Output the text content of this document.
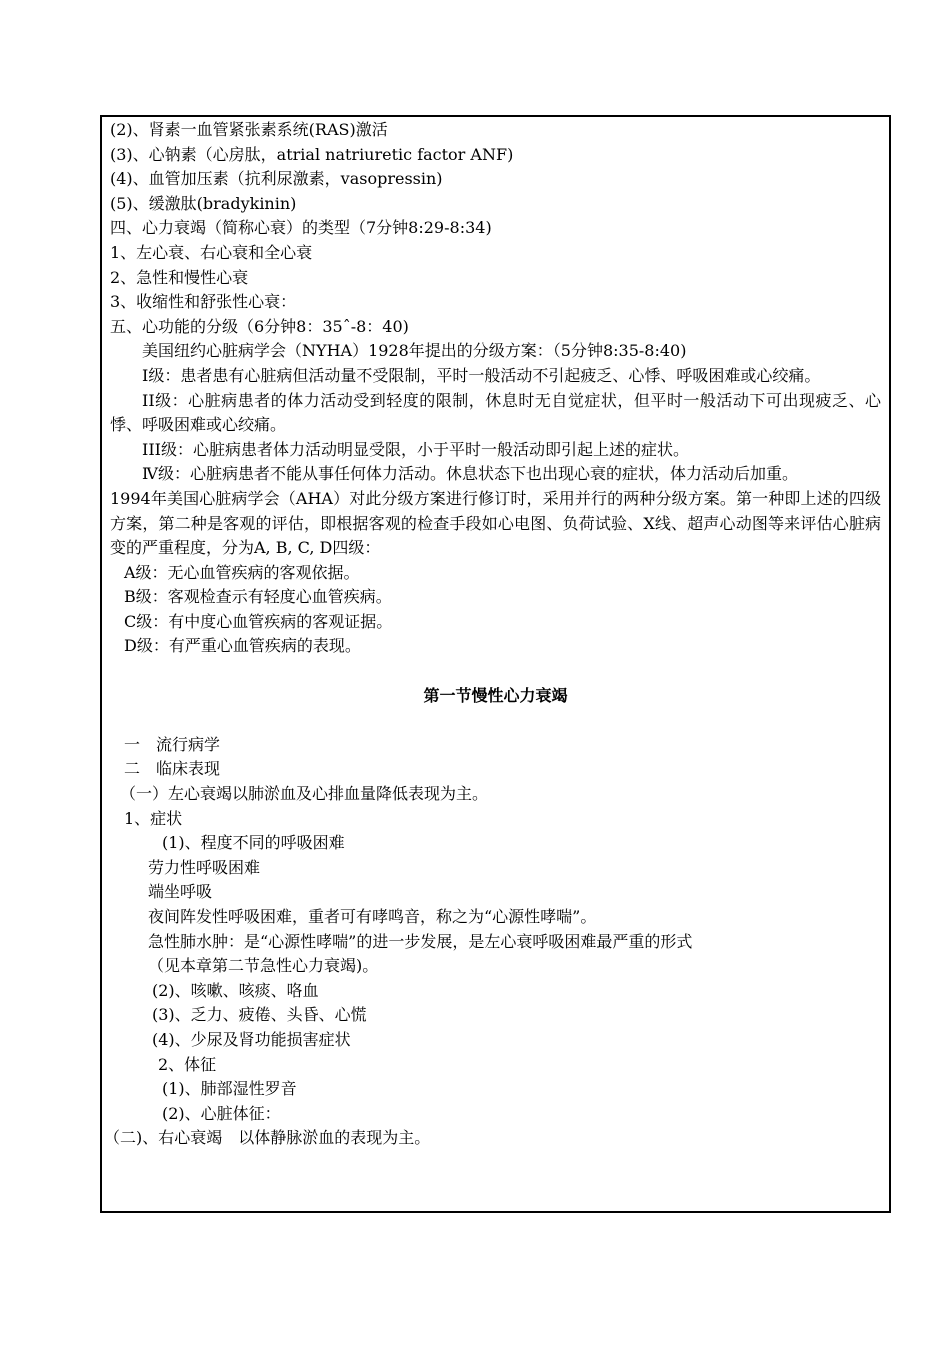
(2)、肾素一血管紧张素系统(RAS)激活
(3)、心钠素（心房肽，atrial natriuretic factor ANF)
(4)、血管加压素（抗利尿激素，vasopressin)
(5)、缓激肽(bradykinin)
四、心力衰竭（简称心衰）的类型（7分钟8:29-8:34)
1、左心衰、右心衰和全心衰
2、急性和慢性心衰
3、收缩性和舒张性心衰：
五、心功能的分级（6分钟8：35ˆ-8：40)
美国纽约心脏病学会（NYHA）1928年提出的分级方案：（5分钟8:35-8:40)
Ⅰ级：患者患有心脏病但活动量不受限制，平时一般活动不引起疲乏、心悸、呼吸困难或心绞痛。
II级：心脏病患者的体力活动受到轻度的限制，休息时无自觉症状，但平时一般活动下可出现疲乏、心悸、呼吸困难或心绞痛。
III级：心脏病患者体力活动明显受限，小于平时一般活动即引起上述的症状。
Ⅳ级：心脏病患者不能从事任何体力活动。休息状态下也出现心衰的症状，体力活动后加重。
1994年美国心脏病学会（AHA）对此分级方案进行修订时，采用并行的两种分级方案。第一种即上述的四级方案，第二种是客观的评估，即根据客观的检查手段如心电图、负荷试验、X线、超声心动图等来评估心脏病变的严重程度，分为A, B, C, D四级：
A级：无心血管疾病的客观依据。
B级：客观检查示有轻度心血管疾病。
C级：有中度心血管疾病的客观证据。
D级：有严重心血管疾病的表现。
第一节慢性心力衰竭
一　流行病学
二　临床表现
（一）左心衰竭以肺淤血及心排血量降低表现为主。
1、症状
(1)、程度不同的呼吸困难
劳力性呼吸困难
端坐呼吸
夜间阵发性呼吸困难，重者可有哮鸣音，称之为“心源性哮喘”。
急性肺水肿：是“心源性哮喘”的进一步发展，是左心衰呼吸困难最严重的形式
（见本章第二节急性心力衰竭)。
(2)、咳嗽、咳痰、咯血
(3)、乏力、疲倦、头昏、心慌
(4)、少尿及肾功能损害症状
2、体征
(1)、肺部湿性罗音
(2)、心脏体征：
（二)、右心衰竭　以体静脉淤血的表现为主。
